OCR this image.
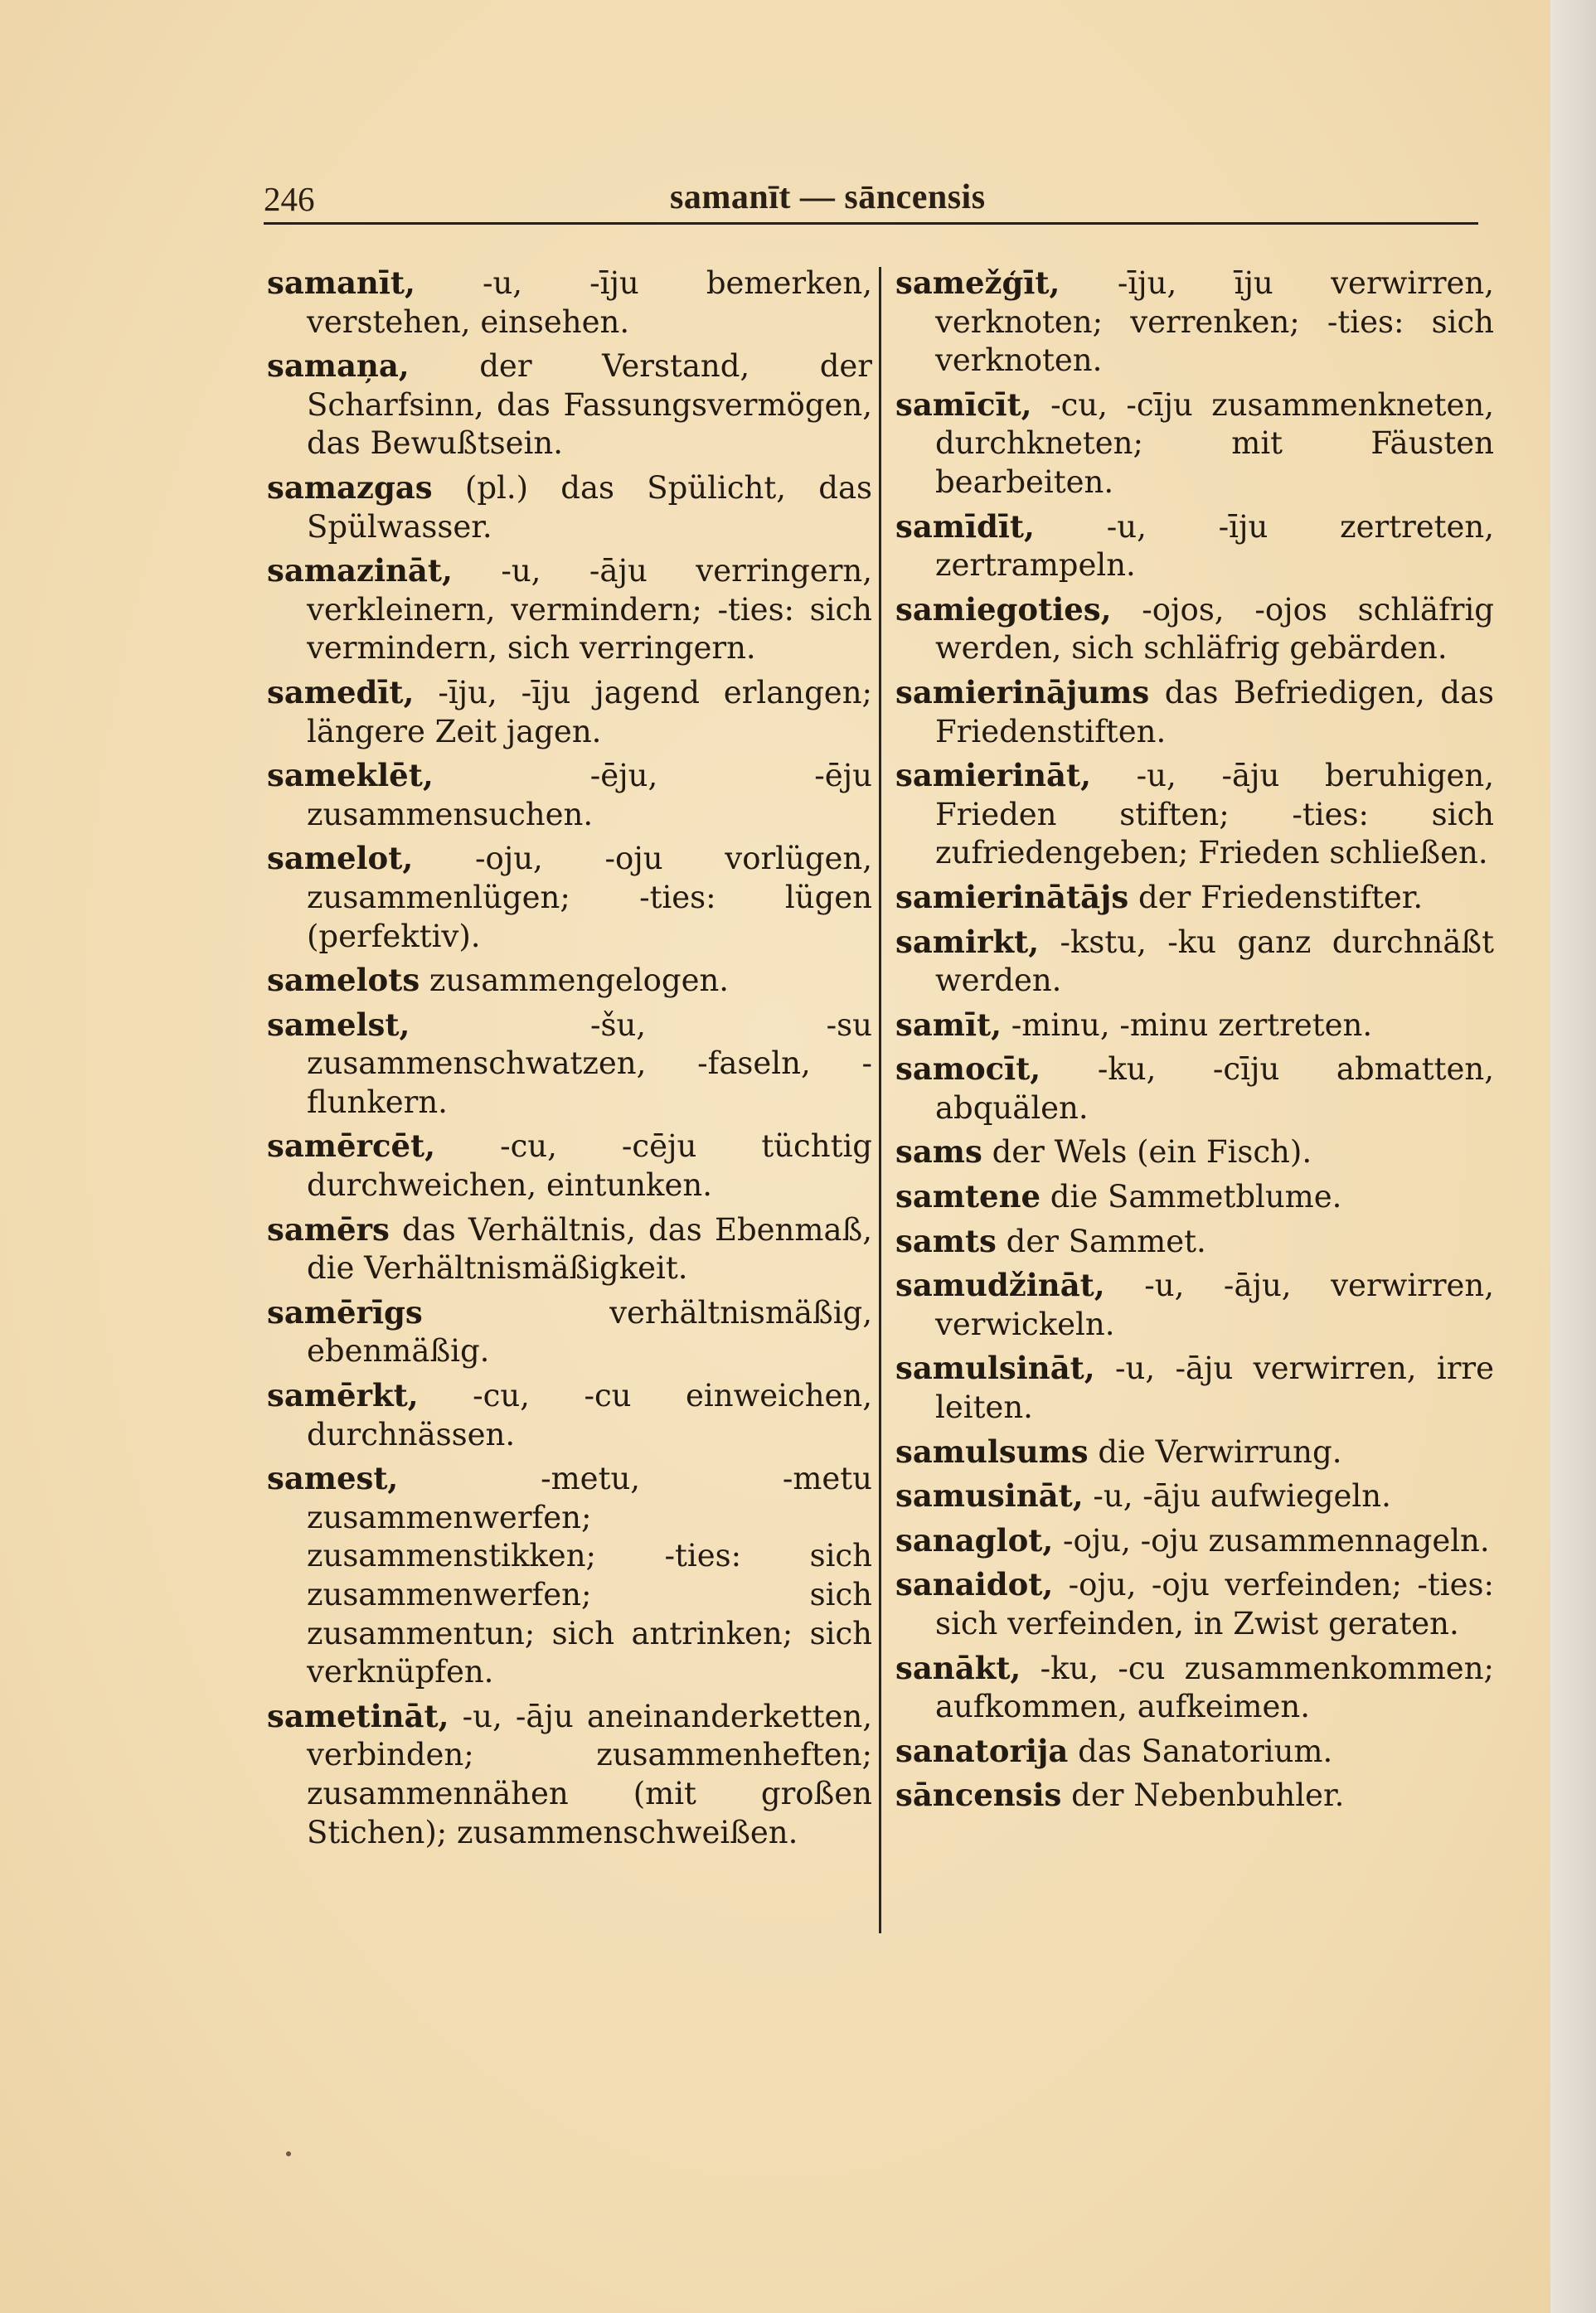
246	samanīt — sāncensis

samanīt, -u, -īju bemerken, verstehen, einsehen.

samaņa, der Verstand, der Scharfsinn, das Fassungsvermögen, das Bewußtsein.

samazgas (pl.) das Spülicht, das Spülwasser.

samazināt, -u, -āju verringern, verkleinern, vermindern; -ties: sich vermindern, sich verringern.

samedīt, -īju, -īju jagend erlangen; längere Zeit jagen.

sameklēt,	-ēju, -ēju zusammensuchen.

samelot, -oju, -oju vorlügen, zusammenlügen; -ties: lügen (perfektiv).

samelots zusammengelogen.

samelst,	-šu, -su zusammenschwatzen, -faseln, -flunkern.

samērcēt, -cu, -cēju tüchtig durchweichen, eintunken.

samērs das Verhältnis, das Ebenmaß, die Verhältnismäßigkeit.

samērīgs	verhältnismäßig, ebenmäßig.

samērkt, -cu, -cu einweichen, durchnässen.

samest,	-metu, -metu zusammenwerfen; zusammenstikken; -ties: sich zusammenwerfen; sich zusammentun; sich antrinken; sich verknüpfen.

sametināt, -u, -āju aneinanderketten, verbinden; zusammenheften; zusammennähen (mit großen Stichen); zusammenschweißen.

samežģīt, -īju, īju verwirren, verknoten; verrenken; -ties: sich verknoten.

samīcīt, -cu, -cīju zusammenkneten, durchkneten; mit Fäusten bearbeiten.

samīdīt, -u, -īju zertreten, zertrampeln.

samiegoties, -ojos, -ojos schläfrig werden, sich schläfrig gebärden.

samierinājums das Befriedigen, das Friedenstiften.

samierināt, -u, -āju beruhigen, Frieden stiften; -ties: sich zufriedengeben; Frieden schließen.

samierinātājs der Friedenstifter.

samirkt, -kstu, -ku ganz durchnäßt werden.

samīt, -minu, -minu zertreten.

samocīt, -ku, -cīju abmatten, abquälen.

sams der Wels (ein Fisch).

samtene die Sammetblume.

samts der Sammet.

samudžināt, -u, -āju, verwirren, verwickeln.

samulsināt, -u, -āju verwirren, irre leiten.

samulsums die Verwirrung.

samusināt, -u, -āju aufwiegeln.

sanaglot, -oju, -oju zusammennageln.

sanaidot, -oju, -oju verfeinden; -ties: sich verfeinden, in Zwist geraten.

sanākt, -ku, -cu zusammenkommen; aufkommen, aufkeimen.

sanatorija das Sanatorium.

sāncensis der Nebenbuhler.
